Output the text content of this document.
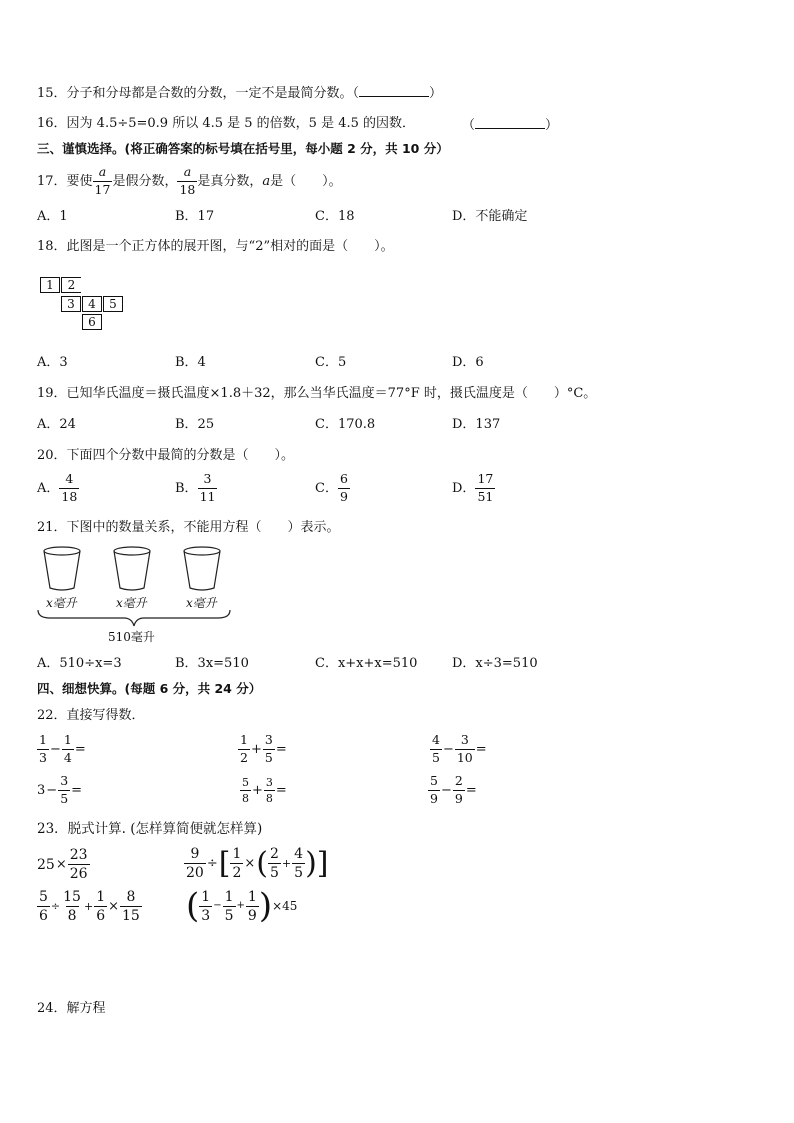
15．分子和分母都是合数的分数，一定不是最简分数。（	）
16．因为 4.5÷5=0.9 所以 4.5 是 5 的倍数，5 是 4.5 的因数．	（	）
三、谨慎选择。(将正确答案的标号填在括号里，每小题 2 分，共 10 分）
17．要使 $\frac{a}{17}$ 是假分数， $\frac{a}{18}$ 是真分数， a 是（　　）。
A．1	B．17	C．18	D．不能确定
18．此图是一个正方体的展开图，与“2”相对的面是（　　）。
1	2
3	4	5
6
A．3	B．4	C．5	D．6
19．已知华氏温度＝摄氏温度×1.8＋32，那么当华氏温度＝77°F 时，摄氏温度是（　　）°C。
A．24	B．25	C．170.8	D．137
20．下面四个分数中最简的分数是（　　）。
A． $\frac{4}{18}$	B． $\frac{3}{11}$	C． $\frac{6}{9}$	D． $\frac{17}{51}$
21．下图中的数量关系，不能用方程（　　）表示。
x毫升	x毫升	x毫升
510毫升
A．510÷x=3	B．3x=510	C．x+x+x=510	D．x÷3=510
四、细想快算。(每题 6 分，共 24 分）
22．直接写得数．
$\frac{1}{3} - \frac{1}{4}$ =	$\frac{1}{2} + \frac{3}{5}$ =	$\frac{4}{5} - \frac{3}{10}$ =
$3 - \frac{3}{5}$ =	$\frac{5}{8} + \frac{3}{8}$ =	$\frac{5}{9} - \frac{2}{9}$ =
23．脱式计算. (怎样算简便就怎样算)
$25 \times \frac{23}{26}$	$\frac{9}{20}$ ÷ [ $\frac{1}{2}$ × ( $\frac{2}{5} + \frac{4}{5}$ ) ]
$\frac{5}{6} \div \frac{15}{8} + \frac{1}{6} \times \frac{8}{15}$ ( $\frac{1}{3} - \frac{1}{5} + \frac{1}{9}$ ) ×45
24．解方程
